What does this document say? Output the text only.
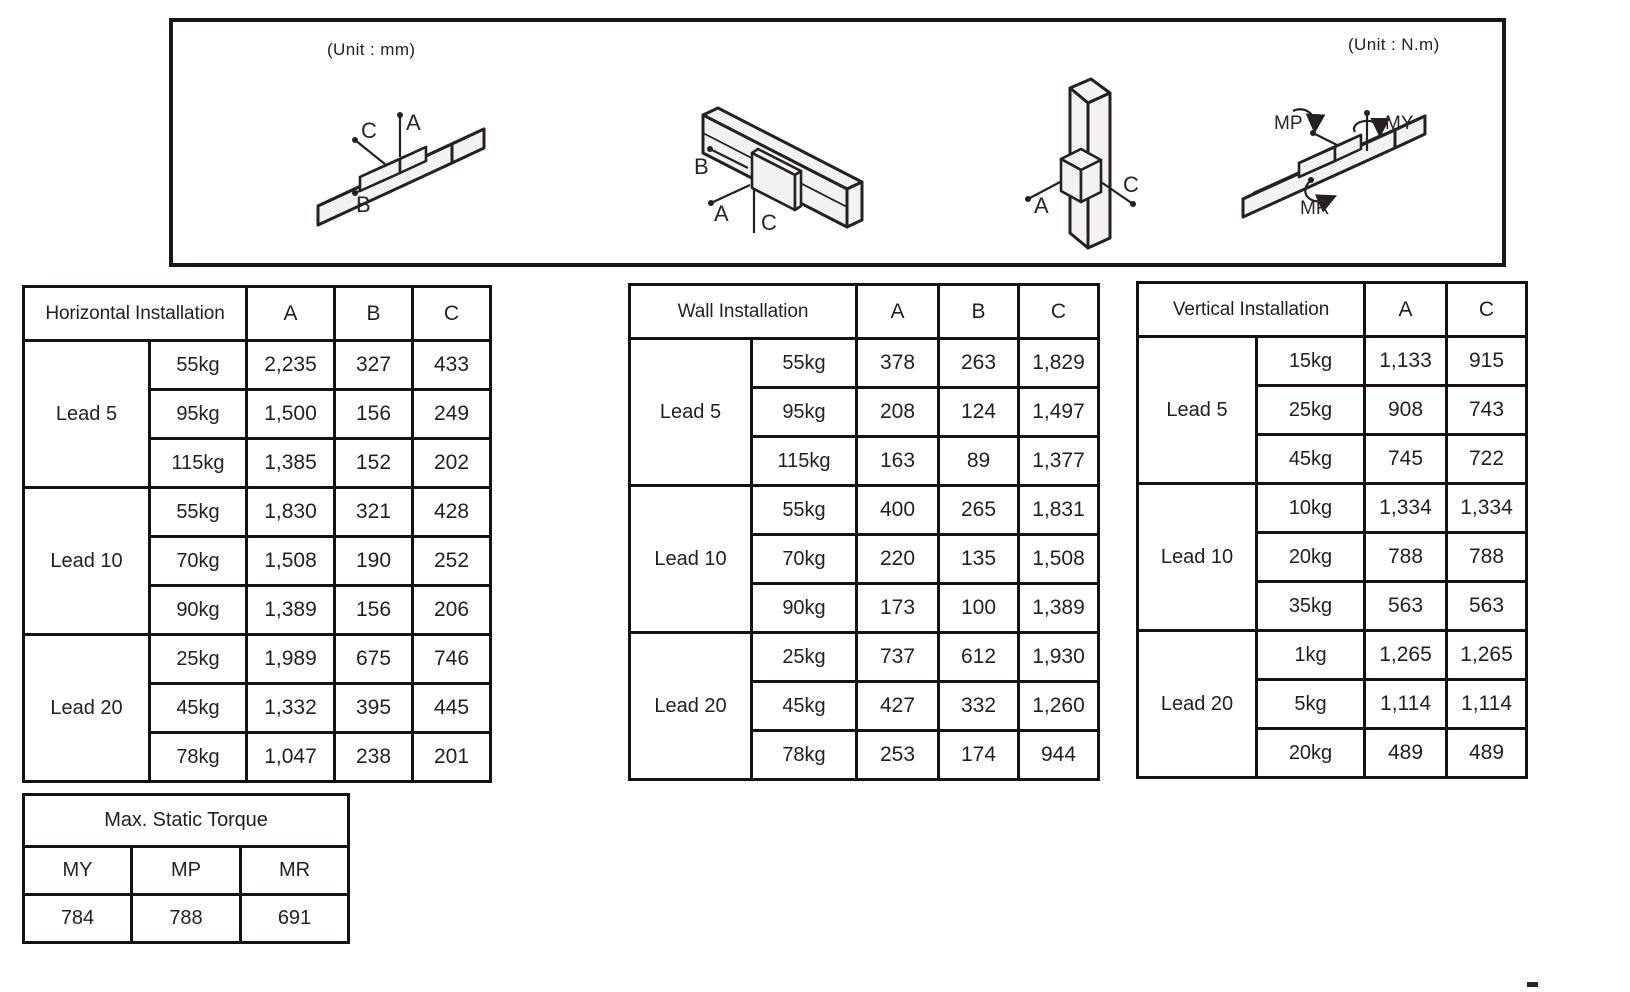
(Unit : mm)	(Unit : N.m)
C A
B
B
A C
A
C
MP	MY
MR
Horizontal Installation		A	B	C
Lead 5	55kg	2,235	327	433
	95kg	1,500	156	249
	115kg	1,385	152	202
Lead 10	55kg	1,830	321	428
	70kg	1,508	190	252
	90kg	1,389	156	206
Lead 20	25kg	1,989	675	746
	45kg	1,332	395	445
	78kg	1,047	238	201
Wall Installation		A	B	C
Lead 5	55kg	378	263	1,829
	95kg	208	124	1,497
	115kg	163	89	1,377
Lead 10	55kg	400	265	1,831
	70kg	220	135	1,508
	90kg	173	100	1,389
Lead 20	25kg	737	612	1,930
	45kg	427	332	1,260
	78kg	253	174	944
Vertical Installation		A	C
Lead 5	15kg	1,133	915
	25kg	908	743
	45kg	745	722
Lead 10	10kg	1,334	1,334
	20kg	788	788
	35kg	563	563
Lead 20	1kg	1,265	1,265
	5kg	1,114	1,114
	20kg	489	489
Max. Static Torque		
MY	MP	MR
784	788	691
